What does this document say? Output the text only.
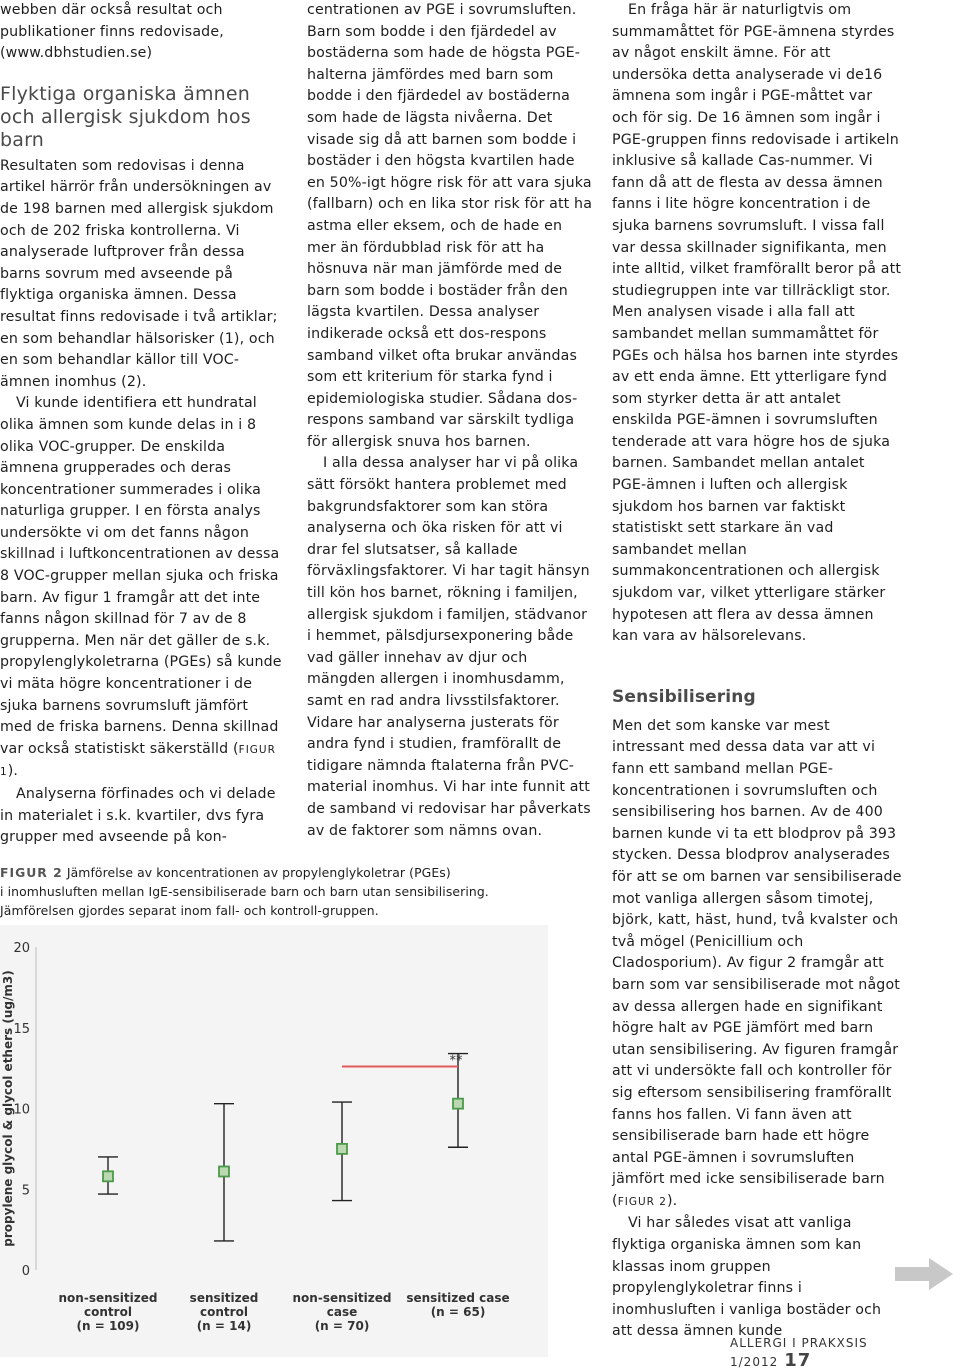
webben där också resultat och publikationer finns redovisade, (www.dbhstudien.se)

Flyktiga organiska ämnen och allergisk sjukdom hos barn

Resultaten som redovisas i denna artikel härrör från undersökningen av de 198 barnen med allergisk sjukdom och de 202 friska kontrollerna. Vi analyserade luftprover från dessa barns sovrum med avseende på flyktiga organiska ämnen. Dessa resultat finns redovisade i två artiklar; en som behandlar hälsorisker (1), och en som behandlar källor till VOC-ämnen inomhus (2).

Vi kunde identifiera ett hundratal olika ämnen som kunde delas in i 8 olika VOC-grupper. De enskilda ämnena grupperades och deras koncentrationer summerades i olika naturliga grupper. I en första analys undersökte vi om det fanns någon skillnad i luftkoncentrationen av dessa 8 VOC-grupper mellan sjuka och friska barn. Av figur 1 framgår att det inte fanns någon skillnad för 7 av de 8 grupperna. Men när det gäller de s.k. propylenglykoletrarna (PGEs) så kunde vi mäta högre koncentrationer i de sjuka barnens sovrumsluft jämfört med de friska barnens. Denna skillnad var också statistiskt säkerställd (FIGUR 1).

Analyserna förfinades och vi delade in materialet i s.k. kvartiler, dvs fyra grupper med avseende på kon-

centrationen av PGE i sovrumsluften. Barn som bodde i den fjärdedel av bostäderna som hade de högsta PGE-halterna jämfördes med barn som bodde i den fjärdedel av bostäderna som hade de lägsta nivåerna. Det visade sig då att barnen som bodde i bostäder i den högsta kvartilen hade en 50%-igt högre risk för att vara sjuka (fallbarn) och en lika stor risk för att ha astma eller eksem, och de hade en mer än fördubblad risk för att ha hösnuva när man jämförde med de barn som bodde i bostäder från den lägsta kvartilen. Dessa analyser indikerade också ett dos-respons samband vilket ofta brukar användas som ett kriterium för starka fynd i epidemiologiska studier. Sådana dos-respons samband var särskilt tydliga för allergisk snuva hos barnen.

I alla dessa analyser har vi på olika sätt försökt hantera problemet med bakgrundsfaktorer som kan störa analyserna och öka risken för att vi drar fel slutsatser, så kallade förväxlingsfaktorer. Vi har tagit hänsyn till kön hos barnet, rökning i familjen, allergisk sjukdom i familjen, städvanor i hemmet, pälsdjursexponering både vad gäller innehav av djur och mängden allergen i inomhusdamm, samt en rad andra livsstilsfaktorer. Vidare har analyserna justerats för andra fynd i studien, framförallt de tidigare nämnda ftalaterna från PVC-material inomhus. Vi har inte funnit att de samband vi redovisar har påverkats av de faktorer som nämns ovan.

En fråga här är naturligtvis om summamåttet för PGE-ämnena styrdes av något enskilt ämne. För att undersöka detta analyserade vi de16 ämnena som ingår i PGE-måttet var och för sig. De 16 ämnen som ingår i PGE-gruppen finns redovisade i artikeln inklusive så kallade Cas-nummer. Vi fann då att de flesta av dessa ämnen fanns i lite högre koncentration i de sjuka barnens sovrumsluft. I vissa fall var dessa skillnader signifikanta, men inte alltid, vilket framförallt beror på att studiegruppen inte var tillräckligt stor. Men analysen visade i alla fall att sambandet mellan summamåttet för PGEs och hälsa hos barnen inte styrdes av ett enda ämne. Ett ytterligare fynd som styrker detta är att antalet enskilda PGE-ämnen i sovrumsluften tenderade att vara högre hos de sjuka barnen. Sambandet mellan antalet PGE-ämnen i luften och allergisk sjukdom hos barnen var faktiskt statistiskt sett starkare än vad sambandet mellan summakoncentrationen och allergisk sjukdom var, vilket ytterligare stärker hypotesen att flera av dessa ämnen kan vara av hälsorelevans.

Sensibilisering

Men det som kanske var mest intressant med dessa data var att vi fann ett samband mellan PGE-koncentrationen i sovrumsluften och sensibilisering hos barnen. Av de 400 barnen kunde vi ta ett blodprov på 393 stycken. Dessa blodprov analyserades för att se om barnen var sensibiliserade mot vanliga allergen såsom timotej, björk, katt, häst, hund, två kvalster och två mögel (Penicillium och Cladosporium). Av figur 2 framgår att barn som var sensibiliserade mot något av dessa allergen hade en signifikant högre halt av PGE jämfört med barn utan sensibilisering. Av figuren framgår att vi undersökte fall och kontroller för sig eftersom sensibilisering framförallt fanns hos fallen. Vi fann även att sensibiliserade barn hade ett högre antal PGE-ämnen i sovrumsluften jämfört med icke sensibiliserade barn (FIGUR 2).

Vi har således visat att vanliga flyktiga organiska ämnen som kan klassas inom gruppen propylenglykoletrar finns i inomhusluften i vanliga bostäder och att dessa ämnen kunde

FIGUR 2 Jämförelse av koncentrationen av propylenglykoletrar (PGEs)
i inomhusluften mellan IgE-sensibiliserade barn och barn utan sensibilisering.
Jämförelsen gjordes separat inom fall- och kontroll-gruppen.
propylene glycol & glycol ethers (ug/m3)
0
5
10
15
20
non-sensitized
control
(n = 109)
sensitized
control
(n = 14)
non-sensitized
case
(n = 70)
sensitized case
(n = 65)
**
ALLERGI I PRAKXSIS 1/2012 17
